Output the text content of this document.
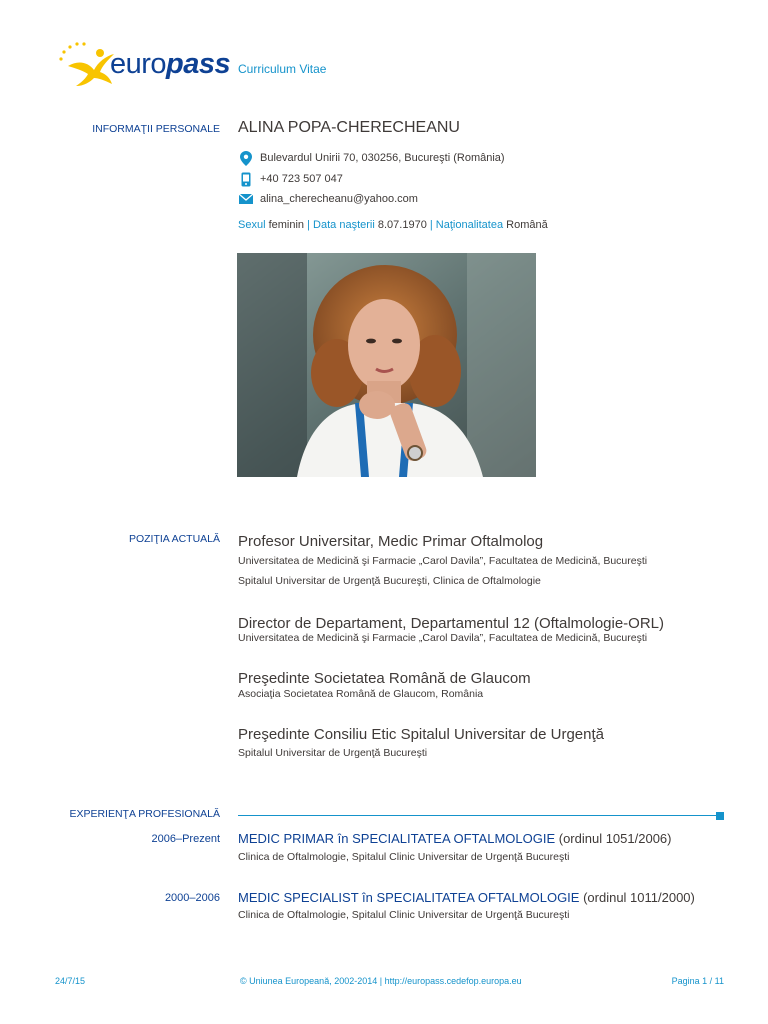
europass Curriculum Vitae
INFORMAŢII PERSONALE ALINA POPA-CHERECHEANU
Bulevardul Unirii 70, 030256, Bucureşti (România)
+40 723 507 047
alina_cherecheanu@yahoo.com
Sexul feminin | Data naşterii 8.07.1970 | Naţionalitatea Română
POZIŢIA ACTUALĂ Profesor Universitar, Medic Primar Oftalmolog
Universitatea de Medicină şi Farmacie „Carol Davila”, Facultatea de Medicină, Bucureşti
Spitalul Universitar de Urgenţă Bucureşti, Clinica de Oftalmologie
Director de Departament, Departamentul 12 (Oftalmologie-ORL)
Universitatea de Medicină şi Farmacie „Carol Davila”, Facultatea de Medicină, Bucureşti
Preşedinte Societatea Română de Glaucom
Asociaţia Societatea Română de Glaucom, România
Preşedinte Consiliu Etic Spitalul Universitar de Urgenţă
Spitalul Universitar de Urgenţă Bucureşti
EXPERIENŢA PROFESIONALĂ
2006–Prezent MEDIC PRIMAR în SPECIALITATEA OFTALMOLOGIE (ordinul 1051/2006)
Clinica de Oftalmologie, Spitalul Clinic Universitar de Urgenţă Bucureşti
2000–2006 MEDIC SPECIALIST în SPECIALITATEA OFTALMOLOGIE (ordinul 1011/2000)
Clinica de Oftalmologie, Spitalul Clinic Universitar de Urgenţă Bucureşti
24/7/15	© Uniunea Europeană, 2002-2014 | http://europass.cedefop.europa.eu	Pagina 1 / 11
